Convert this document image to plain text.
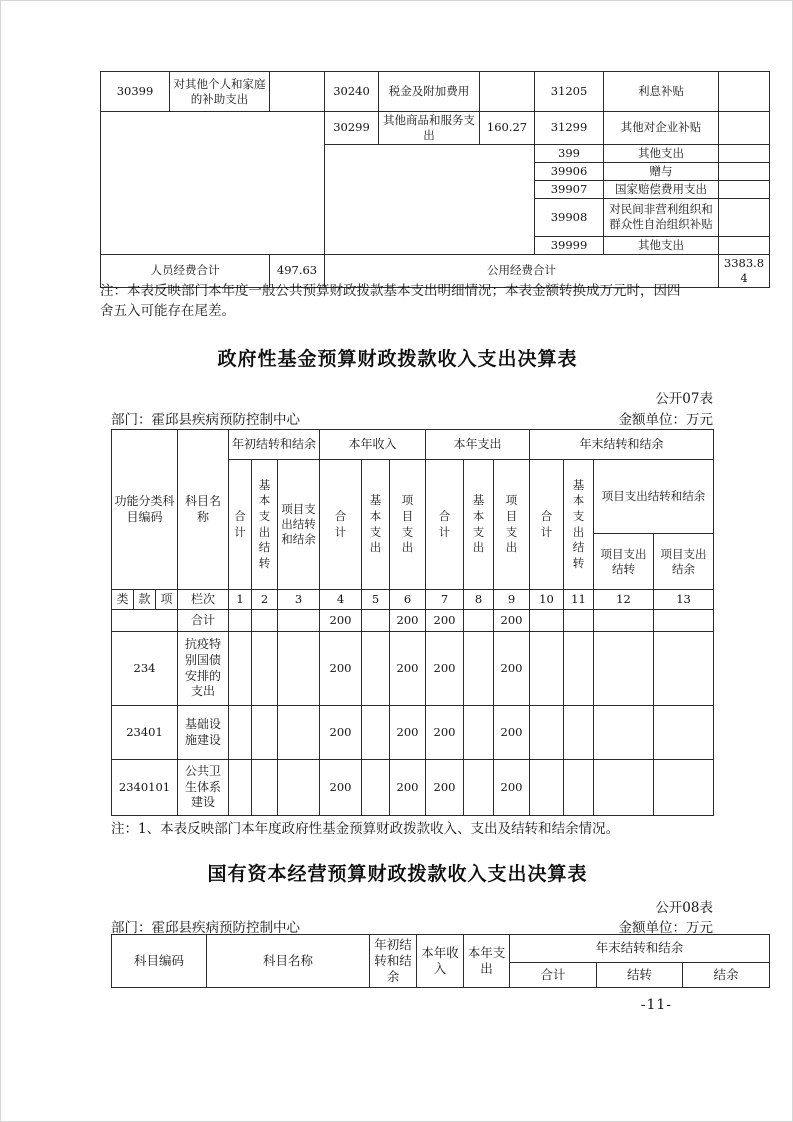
30399	对其他个人和家庭的补助支出		30240	税金及附加费用		31205	利息补贴	
			30299	其他商品和服务支出	160.27	31299	其他对企业补贴	
						399	其他支出	
						39906	赠与	
						39907	国家赔偿费用支出	
						39908	对民间非营利组织和群众性自治组织补贴	
						39999	其他支出	
人员经费合计		497.63	公用经费合计					3383.84
注：本表反映部门本年度一般公共预算财政拨款基本支出明细情况；本表金额转换成万元时，因四舍五入可能存在尾差。
政府性基金预算财政拨款收入支出决算表
公开07表
部门：霍邱县疾病预防控制中心	金额单位：万元
功能分类科目编码			科目名称	年初结转和结余			本年收入			本年支出			年末结转和结余			
				合计	基本支出结转	项目支出结转和结余	合计	基本支出	项目支出	合计	基本支出	项目支出	合计	基本支出结转	项目支出结转和结余	
															项目支出结转	项目支出结余
类	款	项	栏次	1	2	3	4	5	6	7	8	9	10	11	12	13
			合计				200		200	200		200				
234			抗疫特别国债安排的支出				200		200	200		200				
23401			基础设施建设				200		200	200		200				
2340101			公共卫生体系建设				200		200	200		200				
注：1、本表反映部门本年度政府性基金预算财政拨款收入、支出及结转和结余情况。
国有资本经营预算财政拨款收入支出决算表
公开08表
部门：霍邱县疾病预防控制中心	金额单位：万元
科目编码	科目名称	年初结转和结余	本年收入	本年支出	年末结转和结余		
					合计	结转	结余
-11-
